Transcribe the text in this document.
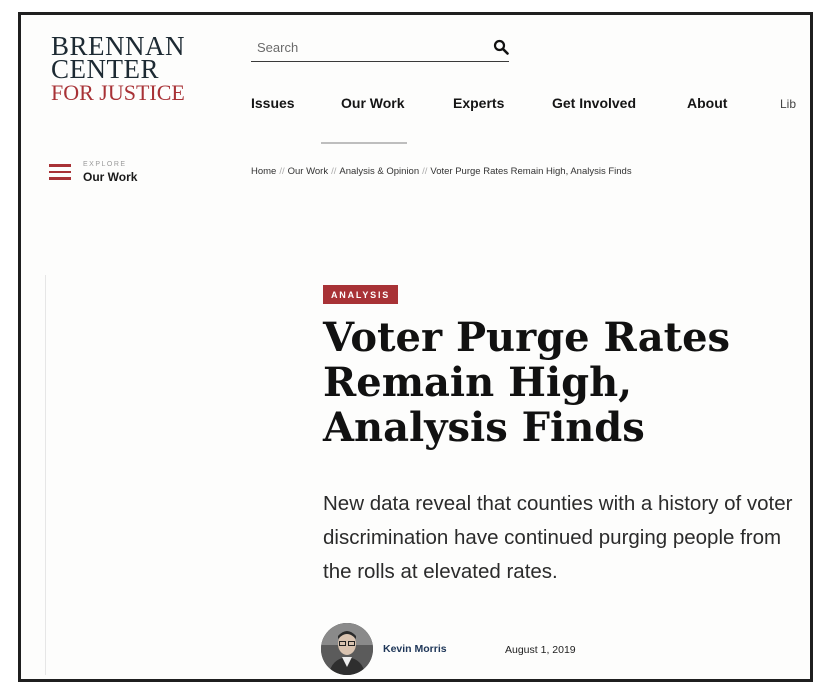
BRENNAN
CENTER
FOR JUSTICE
Search	Issues	Our Work	Experts	Get Involved	About	Lib
EXPLORE
Our Work	Home // Our Work // Analysis & Opinion // Voter Purge Rates Remain High, Analysis Finds
ANALYSIS
Voter Purge Rates Remain High, Analysis Finds

New data reveal that counties with a history of voter discrimination have continued purging people from the rolls at elevated rates.

Kevin Morris	August 1, 2019
